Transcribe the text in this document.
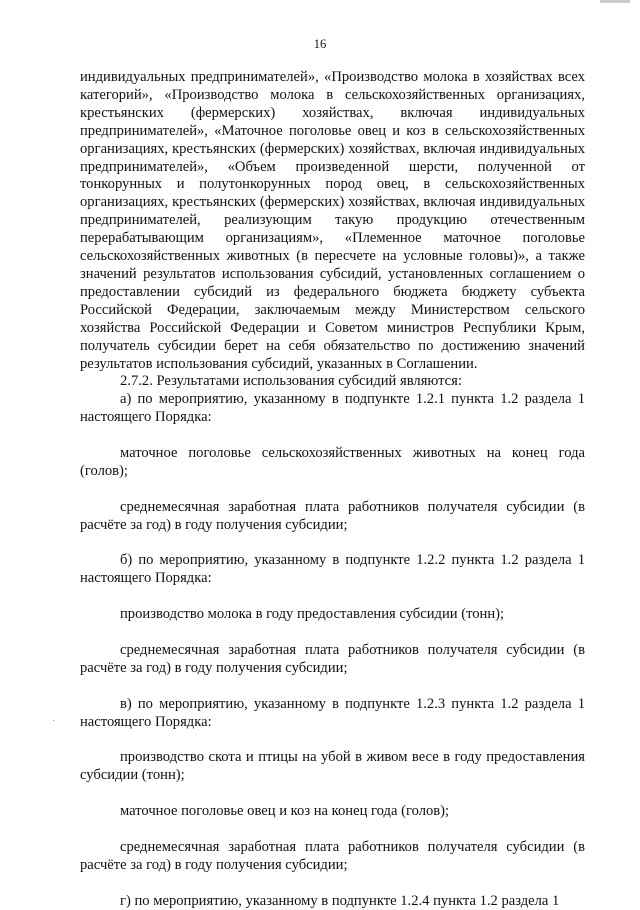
16

индивидуальных предпринимателей», «Производство молока в хозяйствах всех категорий», «Производство молока в сельскохозяйственных организациях, крестьянских (фермерских) хозяйствах, включая индивидуальных предпринимателей», «Маточное поголовье овец и коз в сельскохозяйственных организациях, крестьянских (фермерских) хозяйствах, включая индивидуальных предпринимателей», «Объем произведенной шерсти, полученной от тонкорунных и полутонкорунных пород овец, в сельскохозяйственных организациях, крестьянских (фермерских) хозяйствах, включая индивидуальных предпринимателей, реализующим такую продукцию отечественным перерабатывающим организациям», «Племенное маточное поголовье сельскохозяйственных животных (в пересчете на условные головы)», а также значений результатов использования субсидий, установленных соглашением о предоставлении субсидий из федерального бюджета бюджету субъекта Российской Федерации, заключаемым между Министерством сельского хозяйства Российской Федерации и Советом министров Республики Крым, получатель субсидии берет на себя обязательство по достижению значений результатов использования субсидий, указанных в Соглашении.

2.7.2. Результатами использования субсидий являются:

а) по мероприятию, указанному в подпункте 1.2.1 пункта 1.2 раздела 1 настоящего Порядка:

маточное поголовье сельскохозяйственных животных на конец года (голов);

среднемесячная заработная плата работников получателя субсидии (в расчёте за год) в году получения субсидии;

б) по мероприятию, указанному в подпункте 1.2.2 пункта 1.2 раздела 1 настоящего Порядка:

производство молока в году предоставления субсидии (тонн);

среднемесячная заработная плата работников получателя субсидии (в расчёте за год) в году получения субсидии;

в) по мероприятию, указанному в подпункте 1.2.3 пункта 1.2 раздела 1 настоящего Порядка:

производство скота и птицы на убой в живом весе в году предоставления субсидии (тонн);

маточное поголовье овец и коз на конец года (голов);

среднемесячная заработная плата работников получателя субсидии (в расчёте за год) в году получения субсидии;

г) по мероприятию, указанному в подпункте 1.2.4 пункта 1.2 раздела 1

·
